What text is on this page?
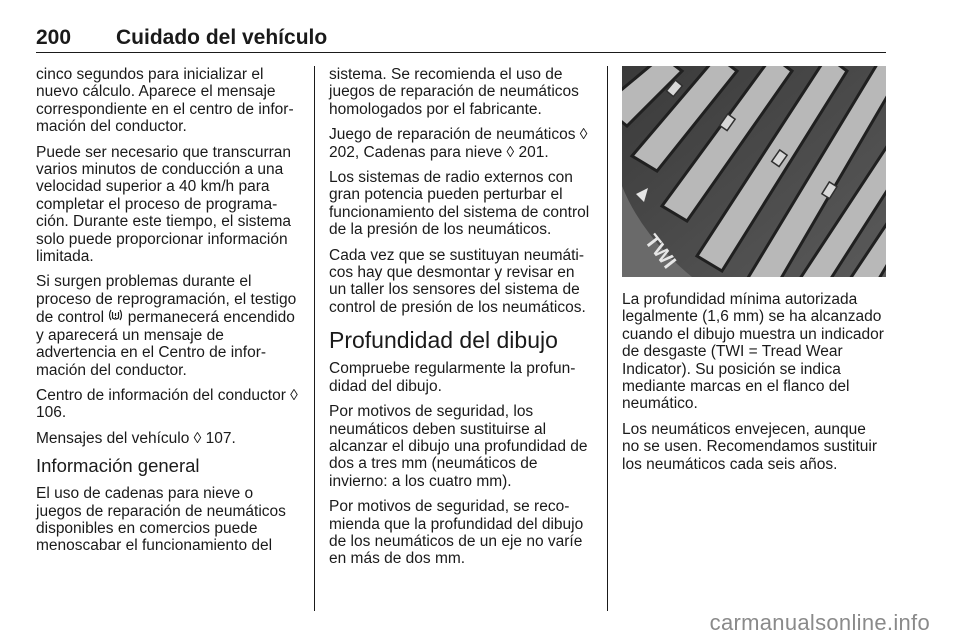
200 Cuidado del vehículo

cinco segundos para inicializar el nuevo cálculo. Aparece el mensaje correspondiente en el centro de información del conductor.

Puede ser necesario que transcurran varios minutos de conducción a una velocidad superior a 40 km/h para completar el proceso de programación. Durante este tiempo, el sistema solo puede proporcionar información limitada.

Si surgen problemas durante el proceso de reprogramación, el testigo de control  permanecerá encendido y aparecerá un mensaje de advertencia en el Centro de información del conductor.

Centro de información del conductor ◊ 106.

Mensajes del vehículo ◊ 107.

Información general

El uso de cadenas para nieve o juegos de reparación de neumáticos disponibles en comercios puede menoscabar el funcionamiento del

sistema. Se recomienda el uso de juegos de reparación de neumáticos homologados por el fabricante.

Juego de reparación de neumáticos ◊ 202, Cadenas para nieve ◊ 201.

Los sistemas de radio externos con gran potencia pueden perturbar el funcionamiento del sistema de control de la presión de los neumáticos.

Cada vez que se sustituyan neumáticos hay que desmontar y revisar en un taller los sensores del sistema de control de presión de los neumáticos.

Profundidad del dibujo

Compruebe regularmente la profundidad del dibujo.

Por motivos de seguridad, los neumáticos deben sustituirse al alcanzar el dibujo una profundidad de dos a tres mm (neumáticos de invierno: a los cuatro mm).

Por motivos de seguridad, se recomienda que la profundidad del dibujo de los neumáticos de un eje no varíe en más de dos mm.

TWI

La profundidad mínima autorizada legalmente (1,6 mm) se ha alcanzado cuando el dibujo muestra un indicador de desgaste (TWI = Tread Wear Indicator). Su posición se indica mediante marcas en el flanco del neumático.

Los neumáticos envejecen, aunque no se usen. Recomendamos sustituir los neumáticos cada seis años.

carmanualsonline.info
